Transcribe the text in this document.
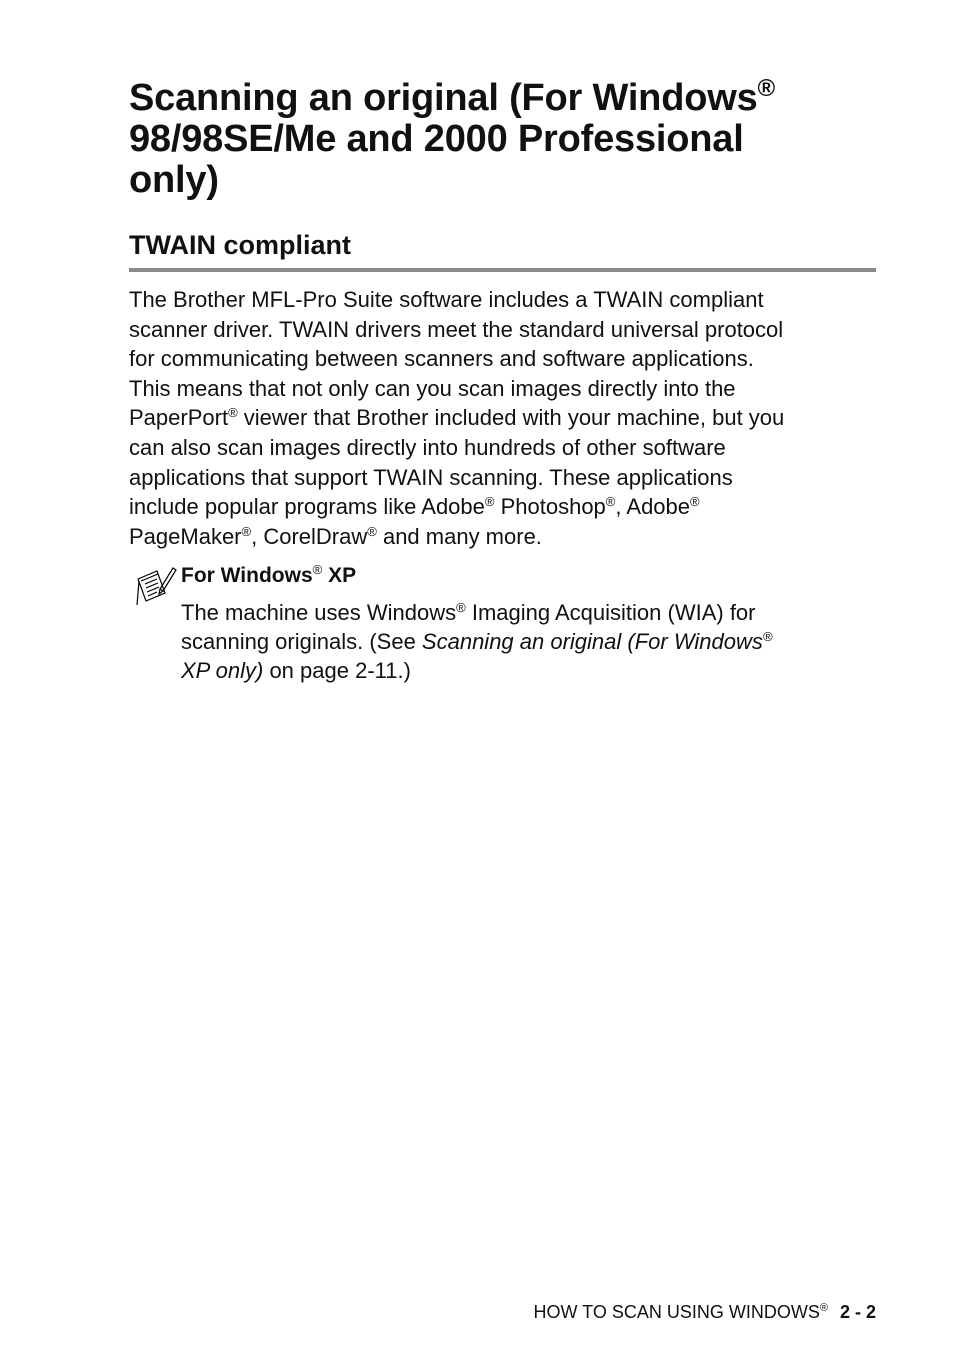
Scanning an original (For Windows®
98/98SE/Me and 2000 Professional
only)
TWAIN compliant

The Brother MFL-Pro Suite software includes a TWAIN compliant
scanner driver. TWAIN drivers meet the standard universal protocol
for communicating between scanners and software applications.
This means that not only can you scan images directly into the
PaperPort® viewer that Brother included with your machine, but you
can also scan images directly into hundreds of other software
applications that support TWAIN scanning. These applications
include popular programs like Adobe® Photoshop®, Adobe®
PageMaker®, CorelDraw® and many more.

For Windows® XP

The machine uses Windows® Imaging Acquisition (WIA) for
scanning originals. (See Scanning an original (For Windows®
XP only) on page 2-11.)

HOW TO SCAN USING WINDOWS® 2 - 2
